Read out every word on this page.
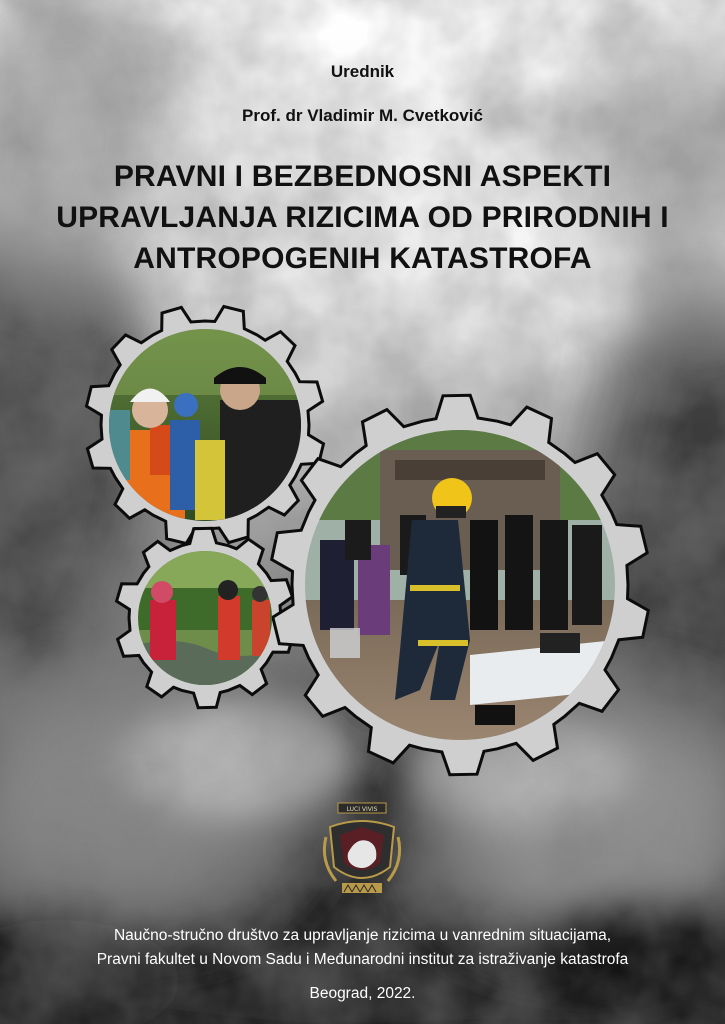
Urednik
Prof. dr Vladimir M. Cvetković
PRAVNI I BEZBEDNOSNI ASPEKTI
UPRAVLJANJA RIZICIMA OD PRIRODNIH I
ANTROPOGENIH KATASTROFA
LUCI VIVIS
Naučno-stručno društvo za upravljanje rizicima u vanrednim situacijama,
Pravni fakultet u Novom Sadu i Međunarodni institut za istraživanje katastrofa
Beograd, 2022.
